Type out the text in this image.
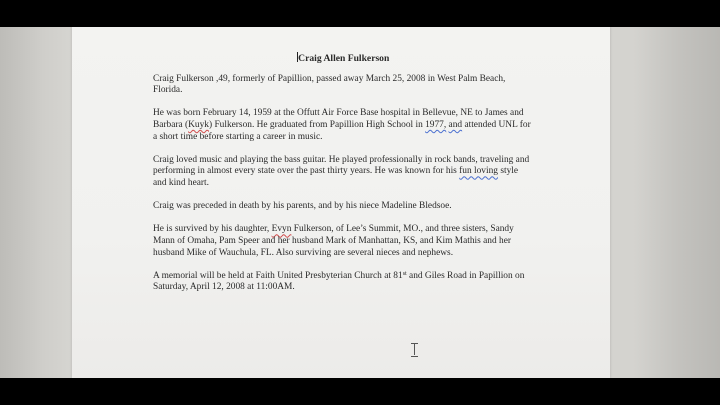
Craig Allen Fulkerson

Craig Fulkerson ,49, formerly of Papillion, passed away March 25, 2008 in West Palm Beach, Florida.

He was born February 14, 1959 at the Offutt Air Force Base hospital in Bellevue, NE to James and Barbara (Kuyk) Fulkerson. He graduated from Papillion High School in 1977, and attended UNL for a short time before starting a career in music.

Craig loved music and playing the bass guitar. He played professionally in rock bands, traveling and performing in almost every state over the past thirty years. He was known for his fun loving style and kind heart.

Craig was preceded in death by his parents, and by his niece Madeline Bledsoe.

He is survived by his daughter, Evyn Fulkerson, of Lee’s Summit, MO., and three sisters, Sandy Mann of Omaha, Pam Speer and her husband Mark of Manhattan, KS, and Kim Mathis and her husband Mike of Wauchula, FL. Also surviving are several nieces and nephews.

A memorial will be held at Faith United Presbyterian Church at 81st and Giles Road in Papillion on Saturday, April 12, 2008 at 11:00AM.
